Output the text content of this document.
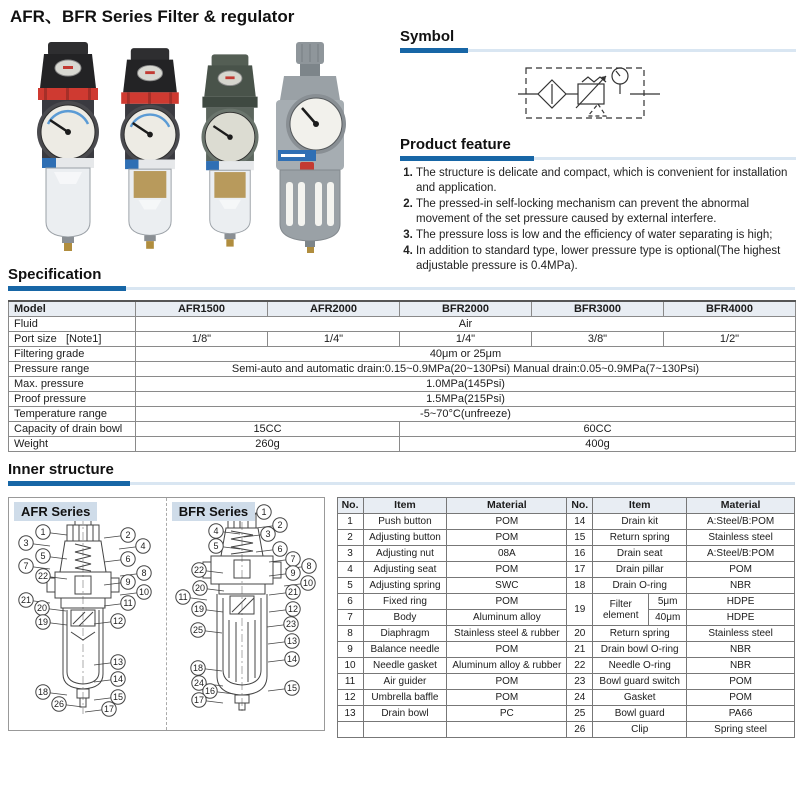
AFR、BFR Series Filter & regulator
Symbol
Product feature
1. The structure is delicate and compact, which is convenient for installation and application.
2. The pressed-in self-locking mechanism can prevent the abnormal movement of the set pressure caused by external interfere.
3. The pressure loss is low and the efficiency of water separating is high;
4. In addition to standard type, lower pressure type is optional(The highest adjustable pressure is 0.4MPa).
Specification
Model	AFR1500	AFR2000	BFR2000	BFR3000	BFR4000
Fluid	Air				
Port size   [Note1]	1/8"	1/4"	1/4"	3/8"	1/2"
Filtering grade	40μm or 25μm				
Pressure range	Semi-auto and automatic drain:0.15~0.9MPa(20~130Psi) Manual drain:0.05~0.9MPa(7~130Psi)				
Max. pressure	1.0MPa(145Psi)				
Proof pressure	1.5MPa(215Psi)				
Temperature range	-5~70°C(unfreeze)				
Capacity of drain bowl	15CC		60CC		
Weight	260g		400g		
Inner structure
AFR Series
1
3
5
7
22
21
20
19
18
26
2
4
6
8
9
10
11
12
13
14
15
17
BFR Series	1
2
4	3
5	6
7
8
22	9
10
20	21
11
19	12
23
25
13
14
18
24
16	15
17
No.	Item	Material
1	Push button	POM
2	Adjusting button	POM
3	Adjusting nut	08A
4	Adjusting seat	POM
5	Adjusting spring	SWC
6	Fixed ring	POM
7	Body	Aluminum alloy
8	Diaphragm	Stainless steel & rubber
9	Balance needle	POM
10	Needle gasket	Aluminum alloy & rubber
11	Air guider	POM
12	Umbrella baffle	POM
13	Drain bowl	PC

No.	Item		Material
14	Drain kit		A:Steel/B:POM
15	Return spring		Stainless steel
16	Drain seat		A:Steel/B:POM
17	Drain pillar		POM
18	Drain O-ring		NBR
19	Filter element	5μm	HDPE
		40μm	HDPE
20	Return spring		Stainless steel
21	Drain bowl O-ring		NBR
22	Needle O-ring		NBR
23	Bowl guard switch		POM
24	Gasket		POM
25	Bowl guard		PA66
26	Clip		Spring steel
